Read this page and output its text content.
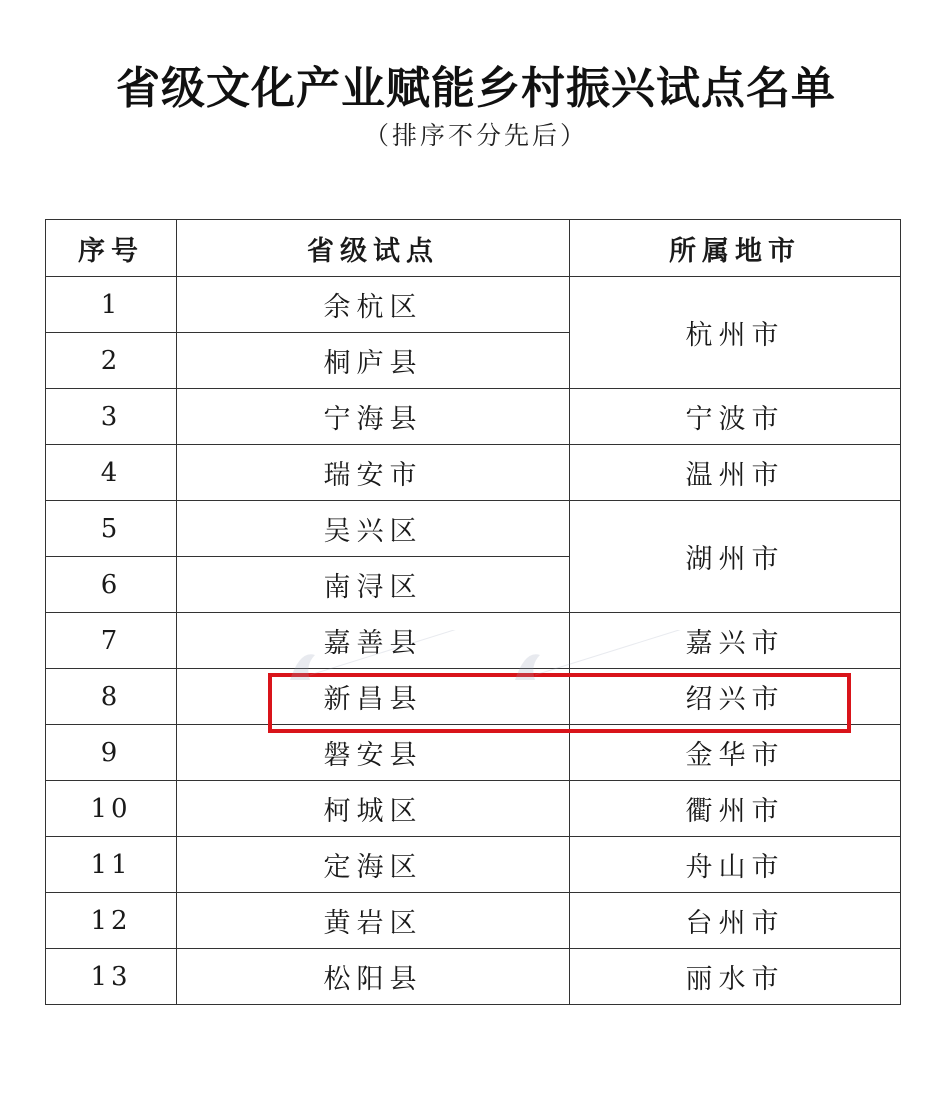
省级文化产业赋能乡村振兴试点名单
（排序不分先后）
序号	省级试点	所属地市
1	余杭区	杭州市
2	桐庐县	
3	宁海县	宁波市
4	瑞安市	温州市
5	吴兴区	湖州市
6	南浔区	
7	嘉善县	嘉兴市
8	新昌县	绍兴市
9	磐安县	金华市
10	柯城区	衢州市
11	定海区	舟山市
12	黄岩区	台州市
13	松阳县	丽水市
